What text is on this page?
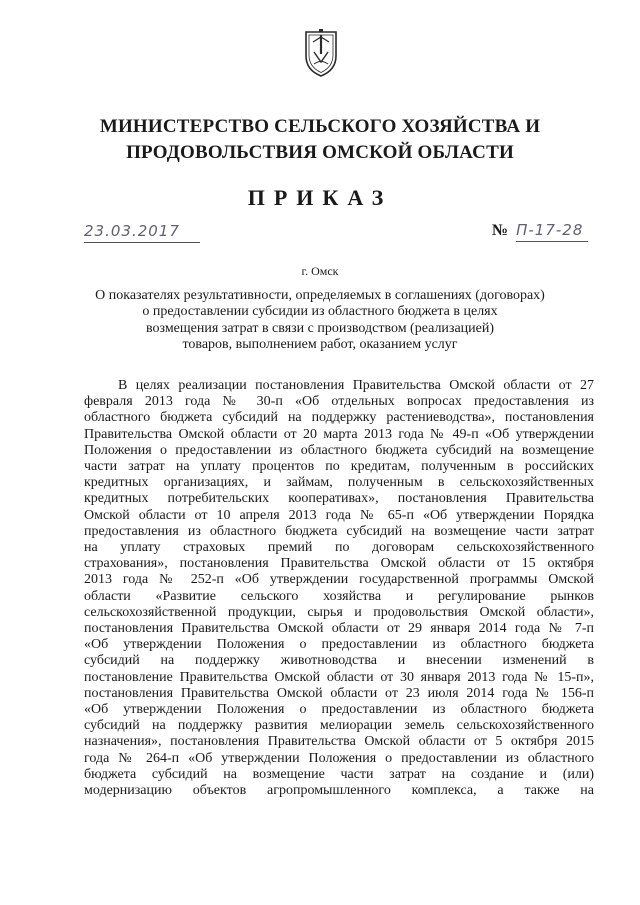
МИНИСТЕРСТВО СЕЛЬСКОГО ХОЗЯЙСТВА И
ПРОДОВОЛЬСТВИЯ ОМСКОЙ ОБЛАСТИ
ПРИКАЗ
23.03.2017	№ П-17-28
г. Омск
О показателях результативности, определяемых в соглашениях (договорах)
о предоставлении субсидии из областного бюджета в целях
возмещения затрат в связи с производством (реализацией)
товаров, выполнением работ, оказанием услуг
В целях реализации постановления Правительства Омской области от 27
февраля 2013 года № 30-п «Об отдельных вопросах предоставления из
областного бюджета субсидий на поддержку растениеводства», постановления
Правительства Омской области от 20 марта 2013 года № 49-п «Об утверждении
Положения о предоставлении из областного бюджета субсидий на возмещение
части затрат на уплату процентов по кредитам, полученным в российских
кредитных организациях, и займам, полученным в сельскохозяйственных
кредитных потребительских кооперативах», постановления Правительства
Омской области от 10 апреля 2013 года № 65-п «Об утверждении Порядка
предоставления из областного бюджета субсидий на возмещение части затрат
на уплату страховых премий по договорам сельскохозяйственного
страхования», постановления Правительства Омской области от 15 октября
2013 года № 252-п «Об утверждении государственной программы Омской
области «Развитие сельского хозяйства и регулирование рынков
сельскохозяйственной продукции, сырья и продовольствия Омской области»,
постановления Правительства Омской области от 29 января 2014 года № 7-п
«Об утверждении Положения о предоставлении из областного бюджета
субсидий на поддержку животноводства и внесении изменений в
постановление Правительства Омской области от 30 января 2013 года № 15-п»,
постановления Правительства Омской области от 23 июля 2014 года № 156-п
«Об утверждении Положения о предоставлении из областного бюджета
субсидий на поддержку развития мелиорации земель сельскохозяйственного
назначения», постановления Правительства Омской области от 5 октября 2015
года № 264-п «Об утверждении Положения о предоставлении из областного
бюджета субсидий на возмещение части затрат на создание и (или)
модернизацию объектов агропромышленного комплекса, а также на
